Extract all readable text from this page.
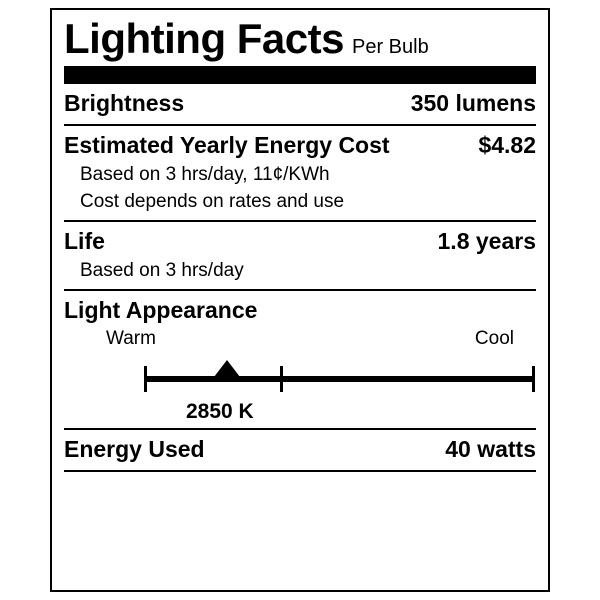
Lighting Facts Per Bulb
Brightness	350 lumens
Estimated Yearly Energy Cost	$4.82
Based on 3 hrs/day, 11¢/KWh
Cost depends on rates and use
Life	1.8 years
Based on 3 hrs/day
Light Appearance
Warm	Cool
2850 K
Energy Used	40 watts
